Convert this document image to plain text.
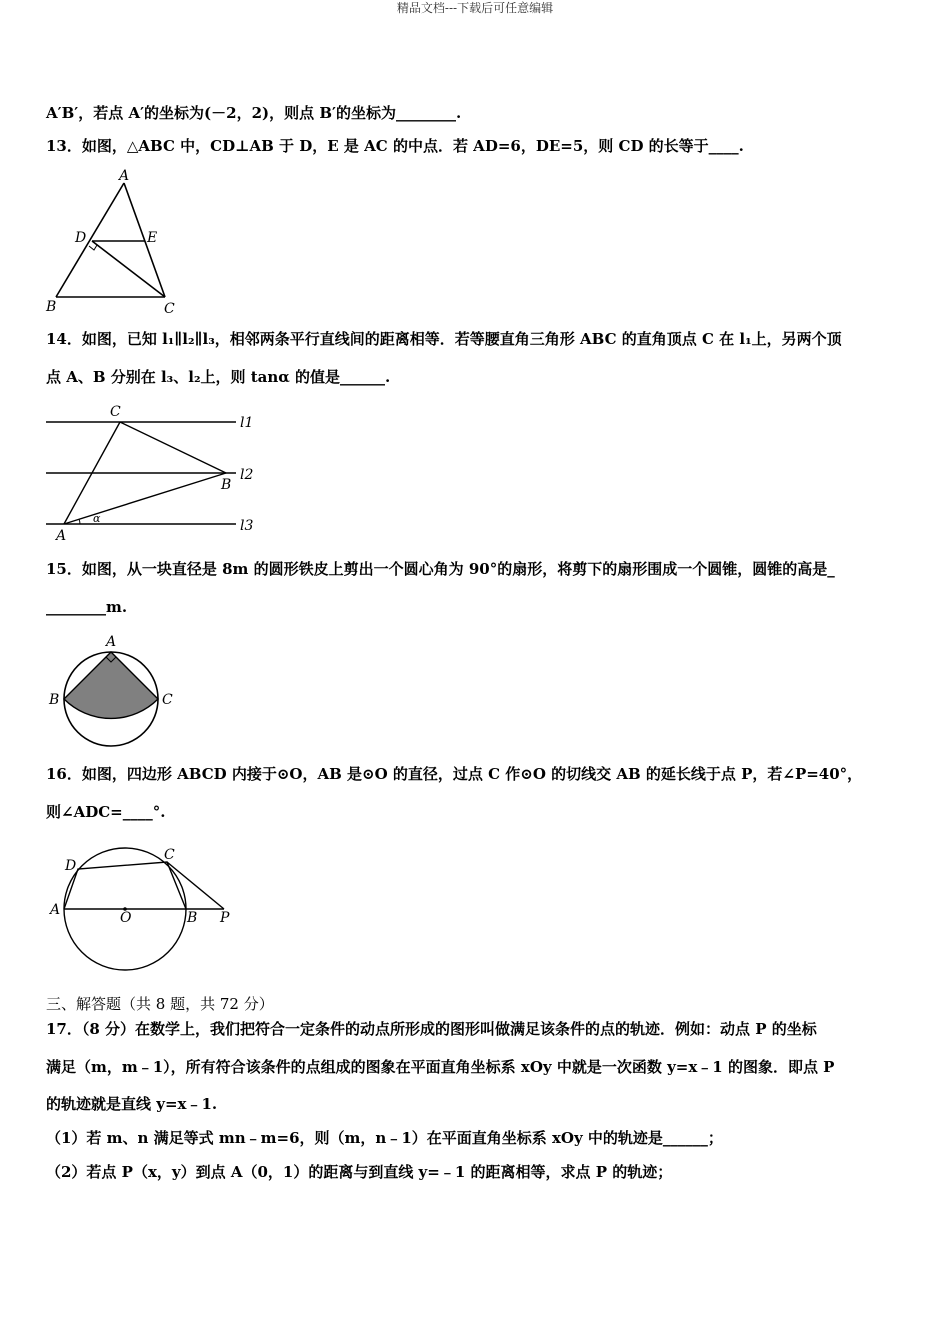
精品文档---下载后可任意编辑
A′B′，若点 A′的坐标为(－2，2)，则点 B′的坐标为________.
13．如图，△ABC 中，CD⊥AB 于 D，E 是 AC 的中点．若 AD=6，DE=5，则 CD 的长等于____.
A
B	C
D	E
14．如图，已知 l₁∥l₂∥l₃，相邻两条平行直线间的距离相等．若等腰直角三角形 ABC 的直角顶点 C 在 l₁上，另两个顶
点 A、B 分别在 l₃、l₂上，则 tanα 的值是______.
C
B
A
α
l1
l2
l3
15．如图，从一块直径是 8m 的圆形铁皮上剪出一个圆心角为 90°的扇形，将剪下的扇形围成一个圆锥，圆锥的高是_
________m.
A
B	C
16．如图，四边形 ABCD 内接于⊙O，AB 是⊙O 的直径，过点 C 作⊙O 的切线交 AB 的延长线于点 P，若∠P=40°，
则∠ADC=____°.
D
C
A	O	B P
三、解答题（共 8 题，共 72 分）
17．（8 分）在数学上，我们把符合一定条件的动点所形成的图形叫做满足该条件的点的轨迹．例如：动点 P 的坐标
满足（m，m﹣1），所有符合该条件的点组成的图象在平面直角坐标系 xOy 中就是一次函数 y=x﹣1 的图象．即点 P
的轨迹就是直线 y=x﹣1.
（1）若 m、n 满足等式 mn﹣m=6，则（m，n﹣1）在平面直角坐标系 xOy 中的轨迹是______；
（2）若点 P（x，y）到点 A（0，1）的距离与到直线 y=﹣1 的距离相等，求点 P 的轨迹；
